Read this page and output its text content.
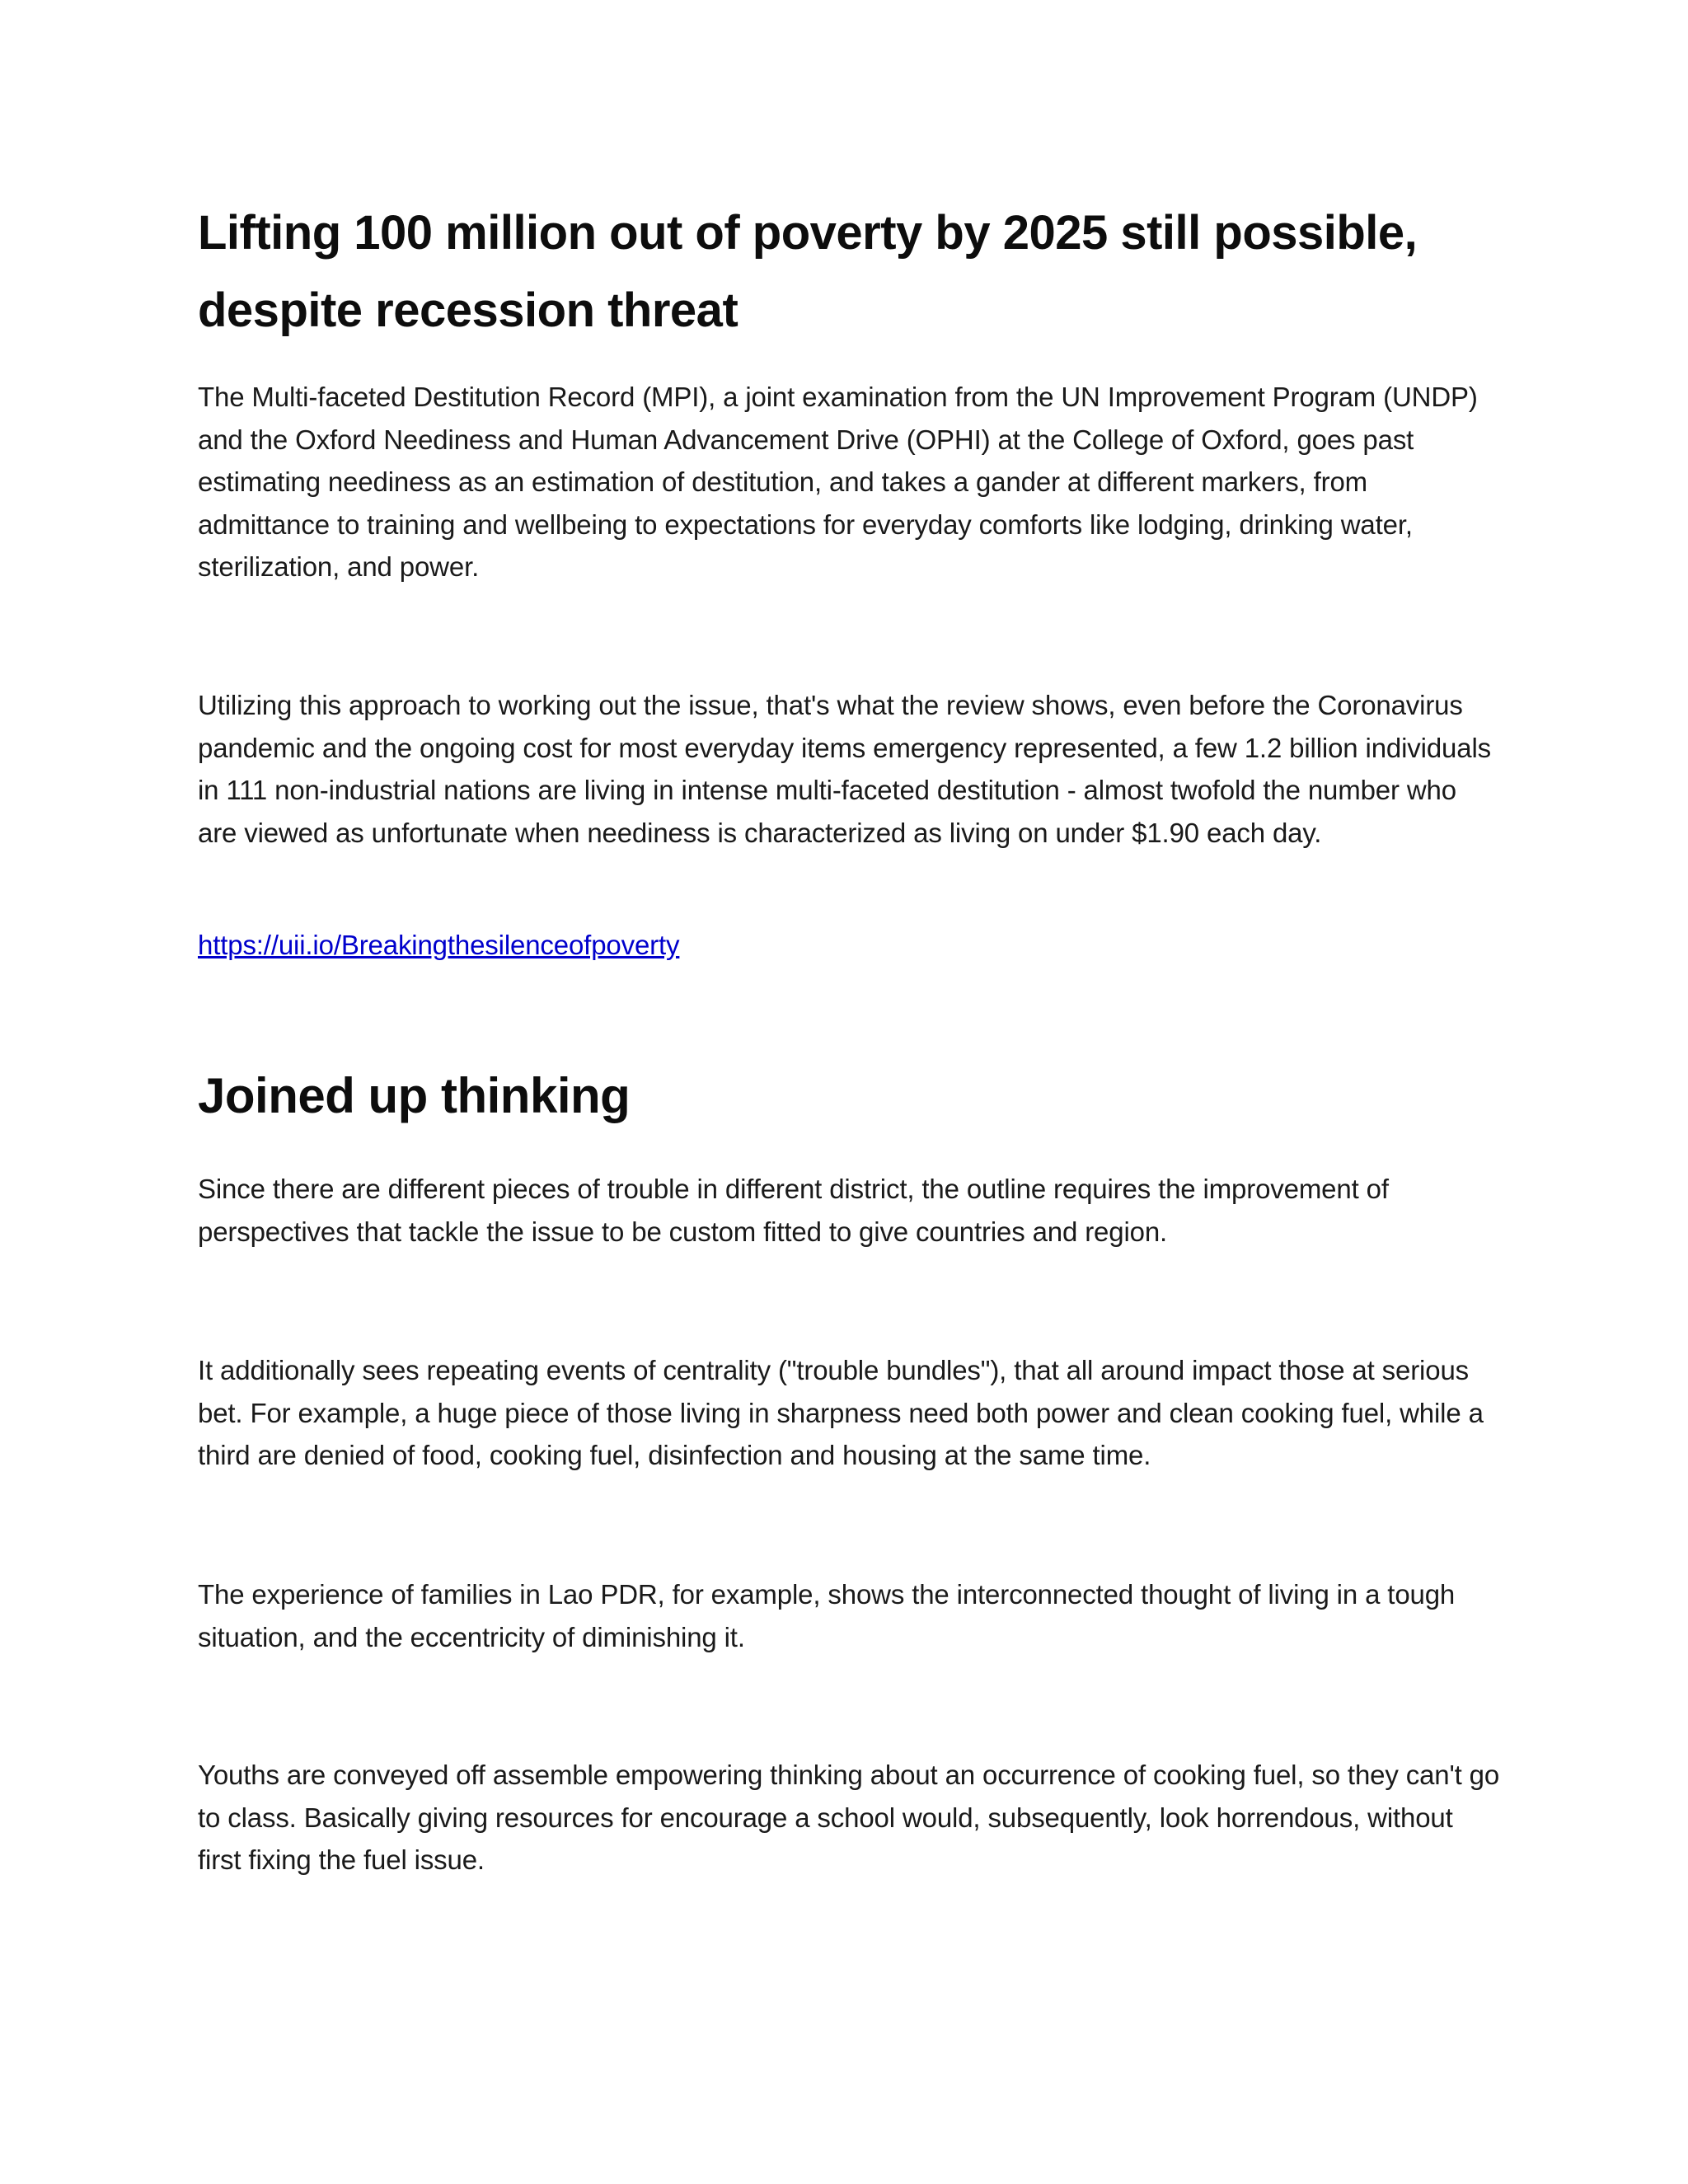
Lifting 100 million out of poverty by 2025 still possible, despite recession threat

The Multi-faceted Destitution Record (MPI), a joint examination from the UN Improvement Program (UNDP) and the Oxford Neediness and Human Advancement Drive (OPHI) at the College of Oxford, goes past estimating neediness as an estimation of destitution, and takes a gander at different markers, from admittance to training and wellbeing to expectations for everyday comforts like lodging, drinking water, sterilization, and power.

Utilizing this approach to working out the issue, that's what the review shows, even before the Coronavirus pandemic and the ongoing cost for most everyday items emergency represented, a few 1.2 billion individuals in 111 non-industrial nations are living in intense multi-faceted destitution - almost twofold the number who are viewed as unfortunate when neediness is characterized as living on under $1.90 each day.

https://uii.io/Breakingthesilenceofpoverty
Joined up thinking

Since there are different pieces of trouble in different district, the outline requires the improvement of perspectives that tackle the issue to be custom fitted to give countries and region.

It additionally sees repeating events of centrality ("trouble bundles"), that all around impact those at serious bet. For example, a huge piece of those living in sharpness need both power and clean cooking fuel, while a third are denied of food, cooking fuel, disinfection and housing at the same time.

The experience of families in Lao PDR, for example, shows the interconnected thought of living in a tough situation, and the eccentricity of diminishing it.

Youths are conveyed off assemble empowering thinking about an occurrence of cooking fuel, so they can't go to class. Basically giving resources for encourage a school would, subsequently, look horrendous, without first fixing the fuel issue.
